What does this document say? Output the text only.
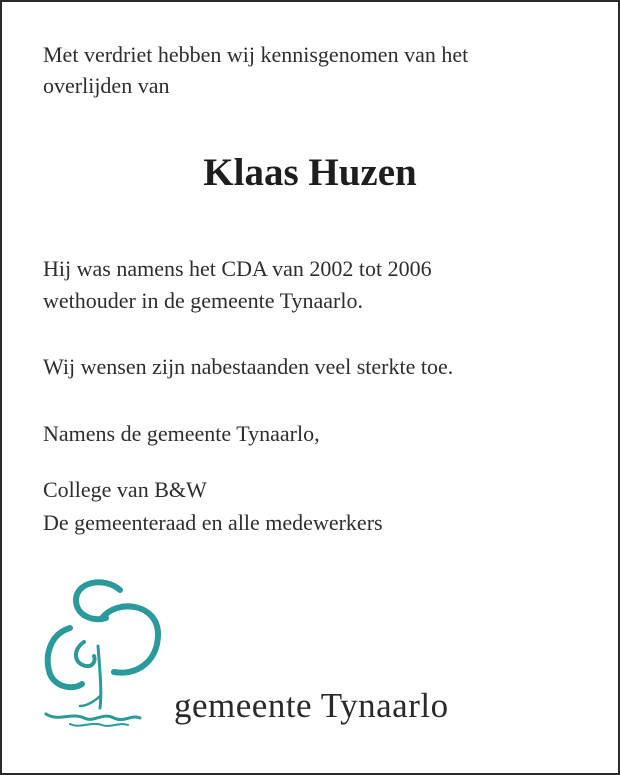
Met verdriet hebben wij kennisgenomen van het

overlijden van

Klaas Huzen

Hij was namens het CDA van 2002 tot 2006

wethouder in de gemeente Tynaarlo.

Wij wensen zijn nabestaanden veel sterkte toe.

Namens de gemeente Tynaarlo,

College van B&W

De gemeenteraad en alle medewerkers

gemeente Tynaarlo
